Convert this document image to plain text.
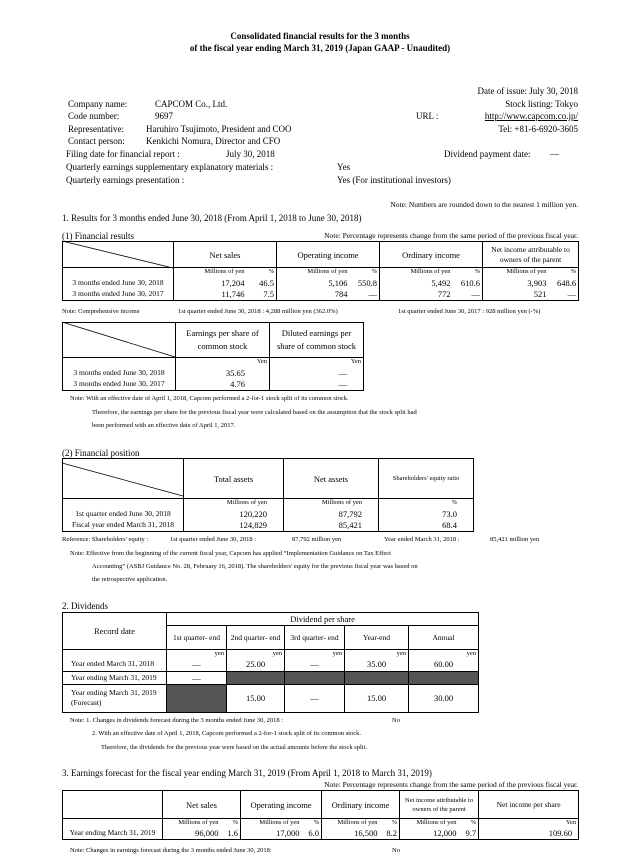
Consolidated financial results for the 3 months
of the fiscal year ending March 31, 2019 (Japan GAAP - Unaudited)
Date of issue: July 30, 2018
Company name:	CAPCOM Co., Ltd.	Stock listing: Tokyo
Code number:	9697	URL :	http://www.capcom.co.jp/
Representative: Haruhiro Tsujimoto, President and COO	Tel: +81-6-6920-3605
Contact person: Kenkichi Nomura, Director and CFO
Filing date for financial report :	July 30, 2018	Dividend payment date: —
Quarterly earnings supplementary explanatory materials :	Yes
Quarterly earnings presentation :	Yes (For institutional investors)
Note: Numbers are rounded down to the nearest 1 million yen.
1. Results for 3 months ended June 30, 2018 (From April 1, 2018 to June 30, 2018)
(1) Financial results	Note: Percentage represents change from the same period of the previous fiscal year.
	Net sales		Operating income		Ordinary income		Net income attributable to owners of the parent	
	Millions of yen	%	Millions of yen	%	Millions of yen	%	Millions of yen	%
3 months ended June 30, 2018	17,204	46.5	5,106	550.8	5,492	610.6	3,903	648.6
3 months ended June 30, 2017	11,746	7.5	784	—	772	—	521	—
Note: Comprehensive income	1st quarter ended June 30, 2018 : 4,288 million yen (362.0%)	1st quarter ended June 30, 2017 : 928 million yen (-%)
	Earnings per share of common stock	Diluted earnings per share of common stock
	Yen	Yen
3 months ended June 30, 2018	35.65	—
3 months ended June 30, 2017	4.76	—
Note: With an effective date of April 1, 2018, Capcom performed a 2-for-1 stock split of its common stock.
Therefore, the earnings per share for the previous fiscal year were calculated based on the assumption that the stock split had
been performed with an effective date of April 1, 2017.
(2) Financial position
	Total assets	Net assets	Shareholders' equity ratio
	Millions of yen	Millions of yen	%
1st quarter ended June 30, 2018	120,220	87,792	73.0
Fiscal year ended March 31, 2018	124,829	85,421	68.4
Reference: Shareholders' equity :	1st quarter ended June 30, 2018 :	87,792 million yen	Year ended March 31, 2018 :	85,421 million yen
Note: Effective from the beginning of the current fiscal year, Capcom has applied “Implementation Guidance on Tax Effect
Accounting” (ASBJ Guidance No. 28, February 16, 2018). The shareholders' equity for the previous fiscal year was based on
the retrospective application.
2. Dividends
Record date	Dividend per share				
	1st quarter- end	2nd quarter- end	3rd quarter- end	Year-end	Annual
	yen	yen	yen	yen	yen
Year ended March 31, 2018	—	25.00	—	35.00	60.00
Year ending March 31, 2019	—				
Year ending March 31, 2019
(Forecast)		15.00	—	15.00	30.00
Note: 1. Changes in dividends forecast during the 3 months ended June 30, 2018 :	No
2. With an effective date of April 1, 2018, Capcom performed a 2-for-1 stock split of its common stock.
Therefore, the dividends for the previous year were based on the actual amounts before the stock split.
3. Earnings forecast for the fiscal year ending March 31, 2019 (From April 1, 2018 to March 31, 2019)
Note: Percentage represents change from the same period of the previous fiscal year.
	Net sales		Operating income		Ordinary income		Net income attributable to owners of the parent		Net income per share
	Millions of yen	%	Millions of yen	%	Millions of yen	%	Millions of yen	%	Yen
Year ending March 31, 2019	96,000	1.6	17,000	6.0	16,500	8.2	12,000	9.7	109.60
Note: Changes in earnings forecast during the 3 months ended June 30, 2018:	No
